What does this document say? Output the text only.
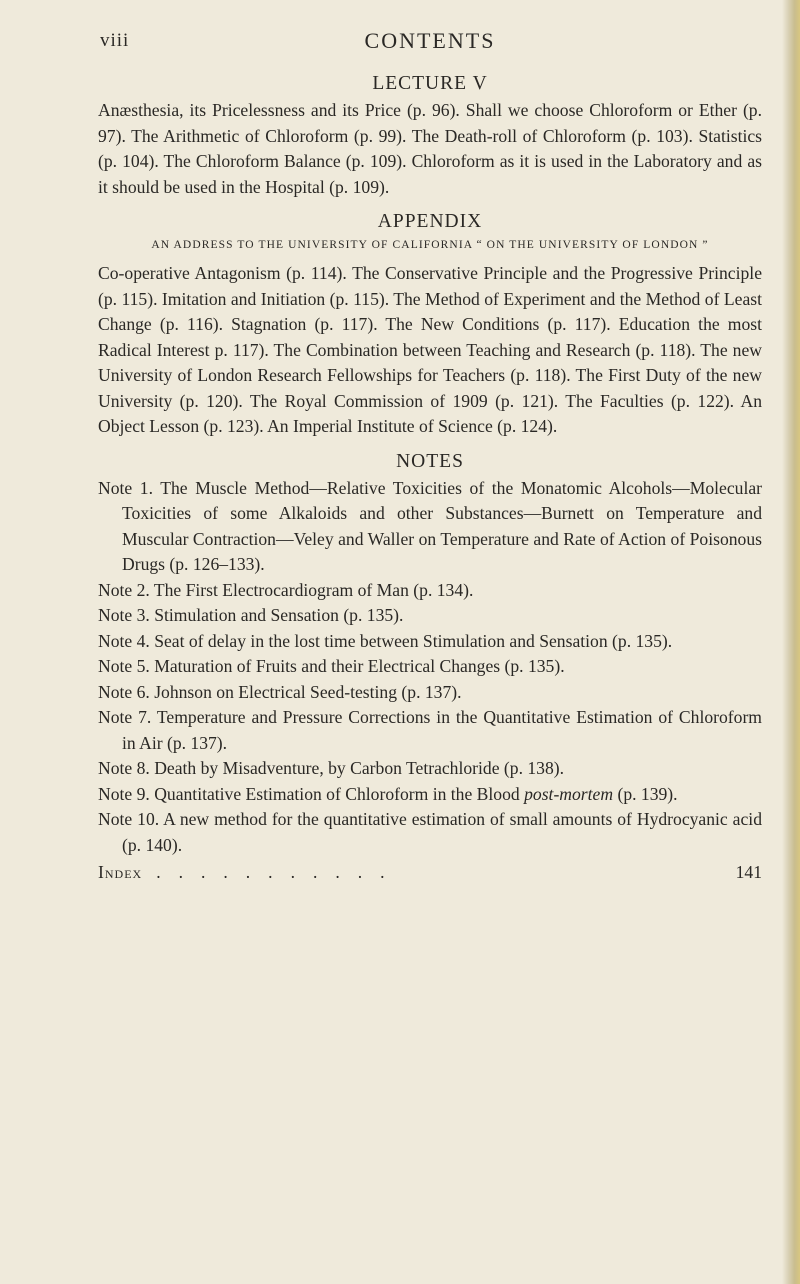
viii	CONTENTS
LECTURE V

Anæsthesia, its Pricelessness and its Price (p. 96). Shall we choose Chloroform or Ether (p. 97). The Arithmetic of Chloroform (p. 99). The Death-roll of Chloroform (p. 103). Statistics (p. 104). The Chloroform Balance (p. 109). Chloroform as it is used in the Laboratory and as it should be used in the Hospital (p. 109).

APPENDIX
AN ADDRESS TO THE UNIVERSITY OF CALIFORNIA “ ON THE UNIVERSITY OF LONDON ”

Co-operative Antagonism (p. 114). The Conservative Principle and the Progressive Principle (p. 115). Imitation and Initiation (p. 115). The Method of Experiment and the Method of Least Change (p. 116). Stagnation (p. 117). The New Conditions (p. 117). Education the most Radical Interest p. 117). The Combination between Teaching and Research (p. 118). The new University of London Research Fellowships for Teachers (p. 118). The First Duty of the new University (p. 120). The Royal Commission of 1909 (p. 121). The Faculties (p. 122). An Object Lesson (p. 123). An Imperial Institute of Science (p. 124).

NOTES

Note 1. The Muscle Method—Relative Toxicities of the Monatomic Alcohols—Molecular Toxicities of some Alkaloids and other Substances—Burnett on Temperature and Muscular Contraction—Veley and Waller on Temperature and Rate of Action of Poisonous Drugs (p. 126–133).

Note 2. The First Electrocardiogram of Man (p. 134).

Note 3. Stimulation and Sensation (p. 135).

Note 4. Seat of delay in the lost time between Stimulation and Sensation (p. 135).

Note 5. Maturation of Fruits and their Electrical Changes (p. 135).

Note 6. Johnson on Electrical Seed-testing (p. 137).

Note 7. Temperature and Pressure Corrections in the Quantitative Estimation of Chloroform in Air (p. 137).

Note 8. Death by Misadventure, by Carbon Tetrachloride (p. 138).

Note 9. Quantitative Estimation of Chloroform in the Blood post-mortem (p. 139).

Note 10. A new method for the quantitative estimation of small amounts of Hydrocyanic acid (p. 140).

Index ...........	141
